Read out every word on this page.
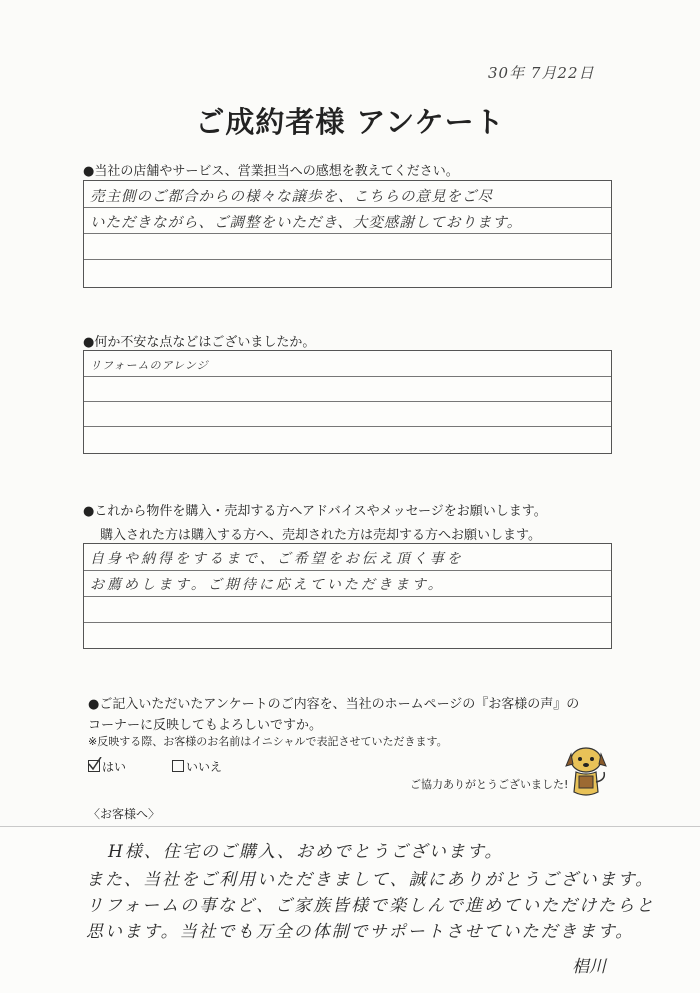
30年 7月22日
ご成約者様 アンケート
●当社の店舗やサービス、営業担当への感想を教えてください。
売主側のご都合からの様々な譲歩を、こちらの意見をご尽
いただきながら、ご調整をいただき、大変感謝しております。
●何か不安な点などはございましたか。
リフォームのアレンジ
●これから物件を購入・売却する方へアドバイスやメッセージをお願いします。
購入された方は購入する方へ、売却された方は売却する方へお願いします。
自身や納得をするまで、ご希望をお伝え頂く事を
お薦めします。ご期待に応えていただきます。
●ご記入いただいたアンケートのご内容を、当社のホームページの『お客様の声』の
コーナーに反映してもよろしいですか。
※反映する際、お客様のお名前はイニシャルで表記させていただきます。
はい	いいえ
ご協力ありがとうございました!
〈お客様へ〉
H様、住宅のご購入、おめでとうございます。
また、当社をご利用いただきまして、誠にありがとうございます。
リフォームの事など、ご家族皆様で楽しんで進めていただけたらと
思います。当社でも万全の体制でサポートさせていただきます。
椙川
